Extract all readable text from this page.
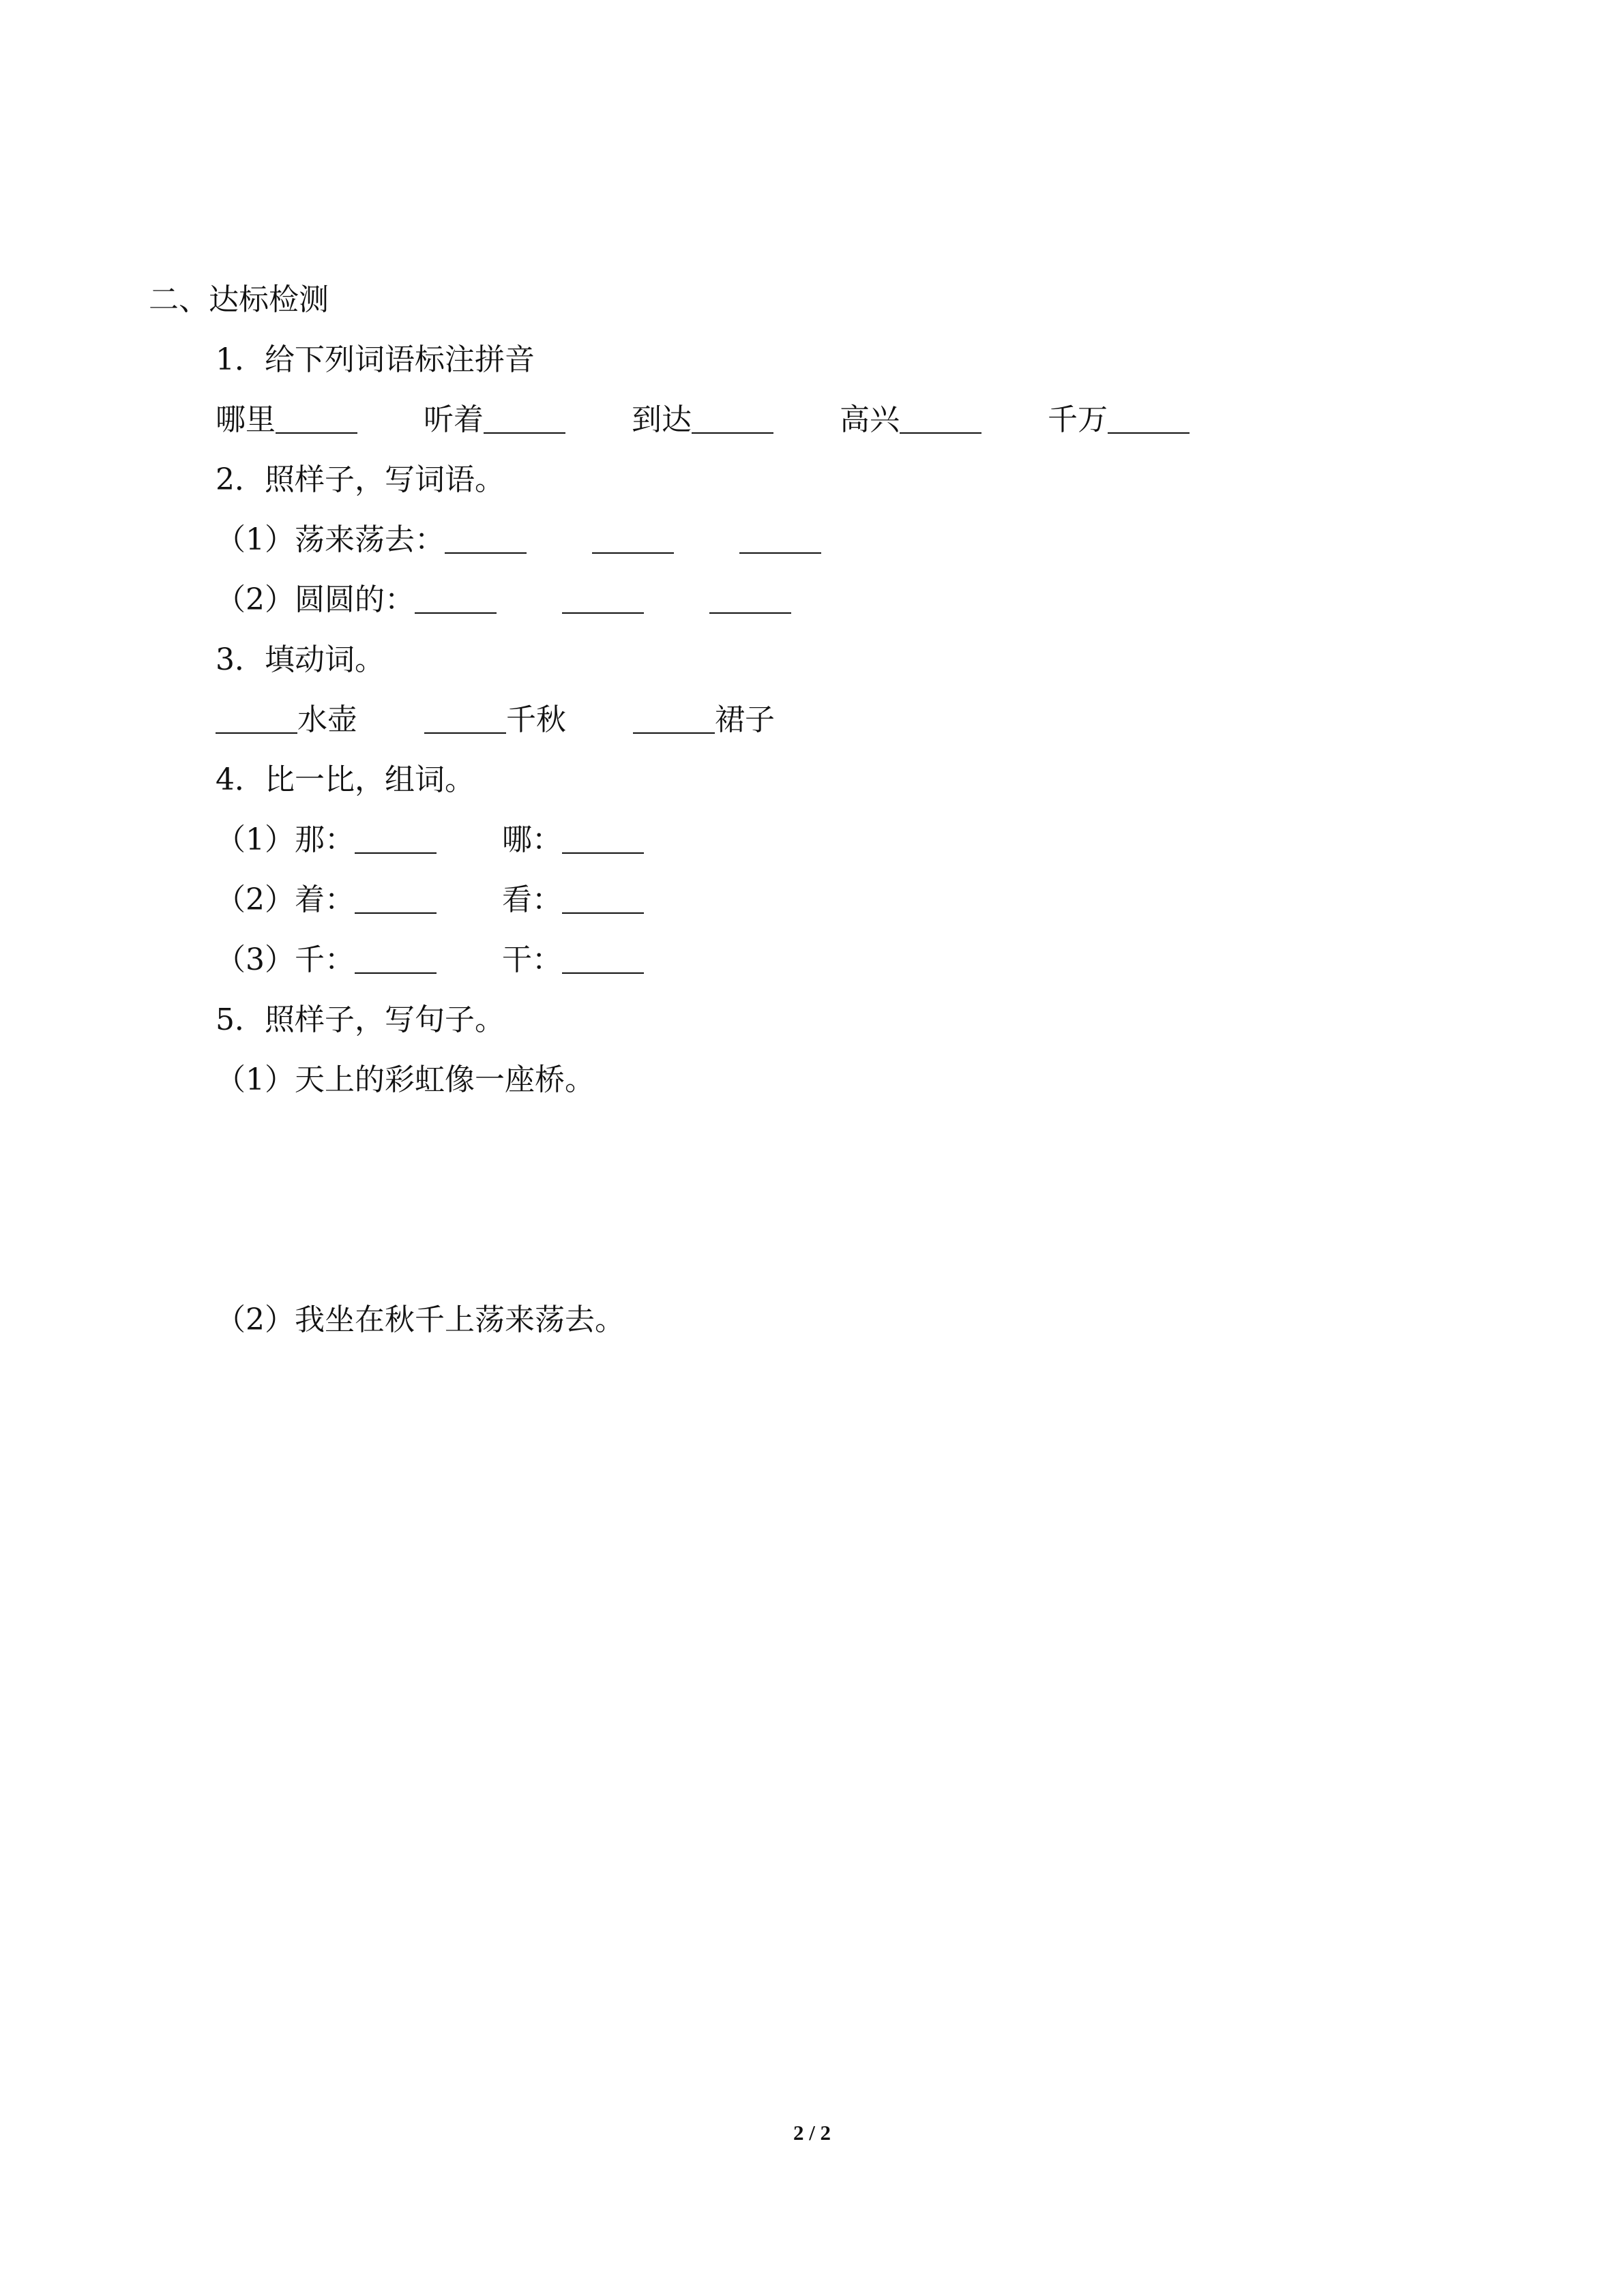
二、达标检测
1．给下列词语标注拼音
哪里	听着	到达	高兴	千万
2．照样子，写词语。
（1）荡来荡去：
（2）圆圆的：
3．填动词。
水壶	千秋	裙子
4．比一比，组词。
（1）那：	哪：
（2）着：	看：
（3）千：	干：
5．照样子，写句子。
（1）天上的彩虹像一座桥。
（2）我坐在秋千上荡来荡去。
2 / 2
